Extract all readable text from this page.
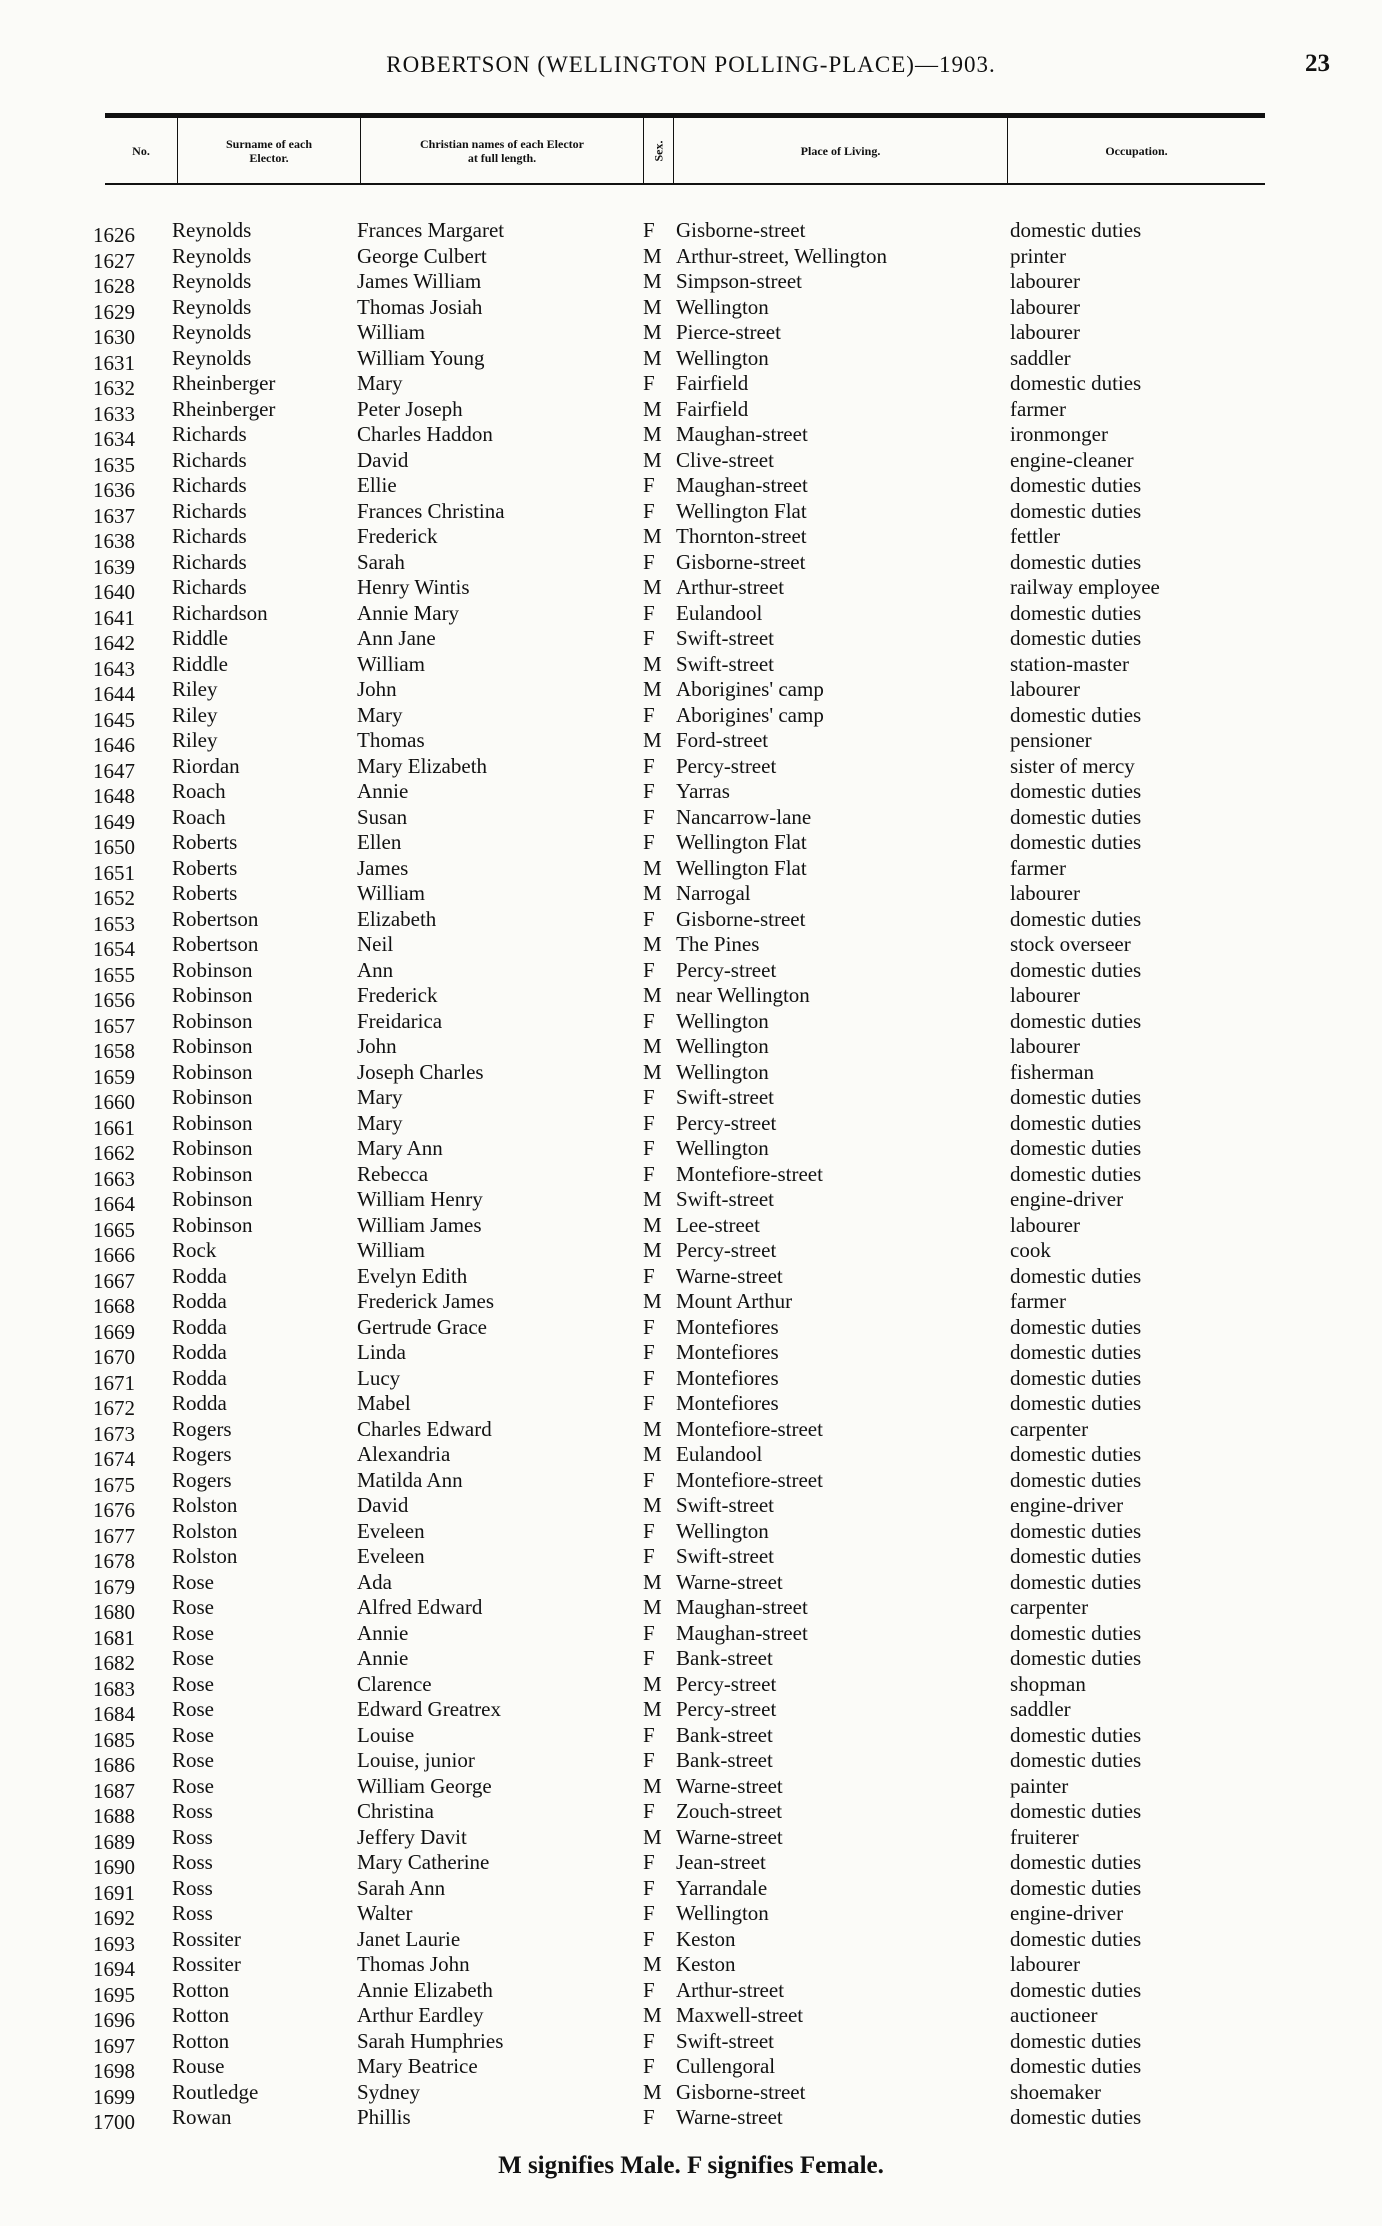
ROBERTSON (WELLINGTON POLLING-PLACE)—1903.	23
No.	Surname of each
Elector.
Christian names of each Elector
at full length.	Sex.	Place of Living.	Occupation.
1626 Reynolds	Frances Margaret	F Gisborne-street	domestic duties
1627 Reynolds	George Culbert	M Arthur-street, Wellington	printer
1628 Reynolds	James William	M Simpson-street	labourer
1629 Reynolds	Thomas Josiah	M Wellington	labourer
1630 Reynolds	William	M Pierce-street	labourer
1631 Reynolds	William Young	M Wellington	saddler
1632 Rheinberger	Mary	F Fairfield	domestic duties
1633 Rheinberger	Peter Joseph	M Fairfield	farmer
1634 Richards	Charles Haddon	M Maughan-street	ironmonger
1635 Richards	David	M Clive-street	engine-cleaner
1636 Richards	Ellie	F Maughan-street	domestic duties
1637 Richards	Frances Christina	F Wellington Flat	domestic duties
1638 Richards	Frederick	M Thornton-street	fettler
1639 Richards	Sarah	F Gisborne-street	domestic duties
1640 Richards	Henry Wintis	M Arthur-street	railway employee
1641 Richardson	Annie Mary	F Eulandool	domestic duties
1642 Riddle	Ann Jane	F Swift-street	domestic duties
1643 Riddle	William	M Swift-street	station-master
1644 Riley	John	M Aborigines' camp	labourer
1645 Riley	Mary	F Aborigines' camp	domestic duties
1646 Riley	Thomas	M Ford-street	pensioner
1647 Riordan	Mary Elizabeth	F Percy-street	sister of mercy
1648 Roach	Annie	F Yarras	domestic duties
1649 Roach	Susan	F Nancarrow-lane	domestic duties
1650 Roberts	Ellen	F Wellington Flat	domestic duties
1651 Roberts	James	M Wellington Flat	farmer
1652 Roberts	William	M Narrogal	labourer
1653 Robertson	Elizabeth	F Gisborne-street	domestic duties
1654 Robertson	Neil	M The Pines	stock overseer
1655 Robinson	Ann	F Percy-street	domestic duties
1656 Robinson	Frederick	M near Wellington	labourer
1657 Robinson	Freidarica	F Wellington	domestic duties
1658 Robinson	John	M Wellington	labourer
1659 Robinson	Joseph Charles	M Wellington	fisherman
1660 Robinson	Mary	F Swift-street	domestic duties
1661 Robinson	Mary	F Percy-street	domestic duties
1662 Robinson	Mary Ann	F Wellington	domestic duties
1663 Robinson	Rebecca	F Montefiore-street	domestic duties
1664 Robinson	William Henry	M Swift-street	engine-driver
1665 Robinson	William James	M Lee-street	labourer
1666 Rock	William	M Percy-street	cook
1667 Rodda	Evelyn Edith	F Warne-street	domestic duties
1668 Rodda	Frederick James	M Mount Arthur	farmer
1669 Rodda	Gertrude Grace	F Montefiores	domestic duties
1670 Rodda	Linda	F Montefiores	domestic duties
1671 Rodda	Lucy	F Montefiores	domestic duties
1672 Rodda	Mabel	F Montefiores	domestic duties
1673 Rogers	Charles Edward	M Montefiore-street	carpenter
1674 Rogers	Alexandria	M Eulandool	domestic duties
1675 Rogers	Matilda Ann	F Montefiore-street	domestic duties
1676 Rolston	David	M Swift-street	engine-driver
1677 Rolston	Eveleen	F Wellington	domestic duties
1678 Rolston	Eveleen	F Swift-street	domestic duties
1679 Rose	Ada	M Warne-street	domestic duties
1680 Rose	Alfred Edward	M Maughan-street	carpenter
1681 Rose	Annie	F Maughan-street	domestic duties
1682 Rose	Annie	F Bank-street	domestic duties
1683 Rose	Clarence	M Percy-street	shopman
1684 Rose	Edward Greatrex	M Percy-street	saddler
1685 Rose	Louise	F Bank-street	domestic duties
1686 Rose	Louise, junior	F Bank-street	domestic duties
1687 Rose	William George	M Warne-street	painter
1688 Ross	Christina	F Zouch-street	domestic duties
1689 Ross	Jeffery Davit	M Warne-street	fruiterer
1690 Ross	Mary Catherine	F Jean-street	domestic duties
1691 Ross	Sarah Ann	F Yarrandale	domestic duties
1692 Ross	Walter	F Wellington	engine-driver
1693 Rossiter	Janet Laurie	F Keston	domestic duties
1694 Rossiter	Thomas John	M Keston	labourer
1695 Rotton	Annie Elizabeth	F Arthur-street	domestic duties
1696 Rotton	Arthur Eardley	M Maxwell-street	auctioneer
1697 Rotton	Sarah Humphries	F Swift-street	domestic duties
1698 Rouse	Mary Beatrice	F Cullengoral	domestic duties
1699 Routledge	Sydney	M Gisborne-street	shoemaker
1700 Rowan	Phillis	F Warne-street	domestic duties
M signifies Male. F signifies Female.
